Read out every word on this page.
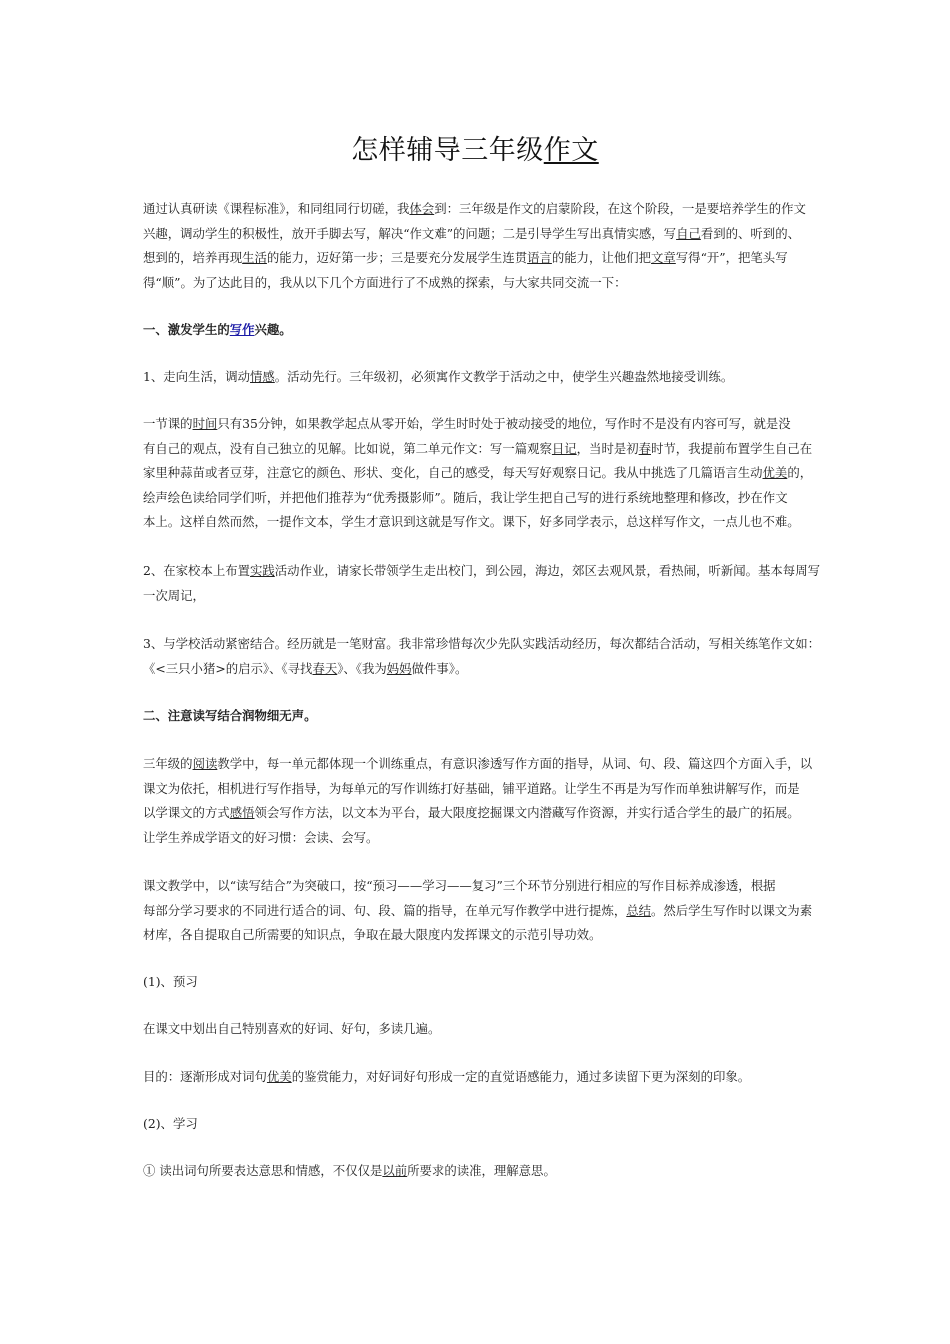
怎样辅导三年级作文
通过认真研读《课程标准》，和同组同行切磋，我体会到：三年级是作文的启蒙阶段，在这个阶段，一是要培养学生的作文
兴趣，调动学生的积极性，放开手脚去写，解决“作文难”的问题；二是引导学生写出真情实感，写自己看到的、听到的、
想到的，培养再现生活的能力，迈好第一步；三是要充分发展学生连贯语言的能力，让他们把文章写得“开”，把笔头写
得“顺”。为了达此目的，我从以下几个方面进行了不成熟的探索，与大家共同交流一下：
一、激发学生的写作兴趣。
1、走向生活，调动情感。活动先行。三年级初，必须寓作文教学于活动之中，使学生兴趣盎然地接受训练。
一节课的时间只有35分钟，如果教学起点从零开始，学生时时处于被动接受的地位，写作时不是没有内容可写，就是没
有自己的观点，没有自己独立的见解。比如说，第二单元作文：写一篇观察日记，当时是初春时节，我提前布置学生自己在
家里种蒜苗或者豆芽，注意它的颜色、形状、变化，自己的感受，每天写好观察日记。我从中挑选了几篇语言生动优美的，
绘声绘色读给同学们听，并把他们推荐为“优秀摄影师”。随后，我让学生把自己写的进行系统地整理和修改，抄在作文
本上。这样自然而然，一提作文本，学生才意识到这就是写作文。课下，好多同学表示，总这样写作文，一点儿也不难。
2、在家校本上布置实践活动作业，请家长带领学生走出校门，到公园，海边，郊区去观风景，看热闹，听新闻。基本每周写
一次周记，
3、与学校活动紧密结合。经历就是一笔财富。我非常珍惜每次少先队实践活动经历，每次都结合活动，写相关练笔作文如：
《<三只小猪>的启示》、《寻找春天》、《我为妈妈做件事》。
二、注意读写结合润物细无声。
三年级的阅读教学中，每一单元都体现一个训练重点，有意识渗透写作方面的指导，从词、句、段、篇这四个方面入手，以
课文为依托，相机进行写作指导，为每单元的写作训练打好基础，铺平道路。让学生不再是为写作而单独讲解写作，而是
以学课文的方式感悟领会写作方法，以文本为平台，最大限度挖掘课文内潜藏写作资源，并实行适合学生的最广的拓展。
让学生养成学语文的好习惯：会读、会写。
课文教学中，以“读写结合”为突破口，按“预习——学习——复习”三个环节分别进行相应的写作目标养成渗透，根据
每部分学习要求的不同进行适合的词、句、段、篇的指导，在单元写作教学中进行提炼，总结。然后学生写作时以课文为素
材库，各自提取自己所需要的知识点，争取在最大限度内发挥课文的示范引导功效。
(1)、预习
在课文中划出自己特别喜欢的好词、好句，多读几遍。
目的：逐渐形成对词句优美的鉴赏能力，对好词好句形成一定的直觉语感能力，通过多读留下更为深刻的印象。
(2)、学习
① 读出词句所要表达意思和情感，不仅仅是以前所要求的读准，理解意思。
